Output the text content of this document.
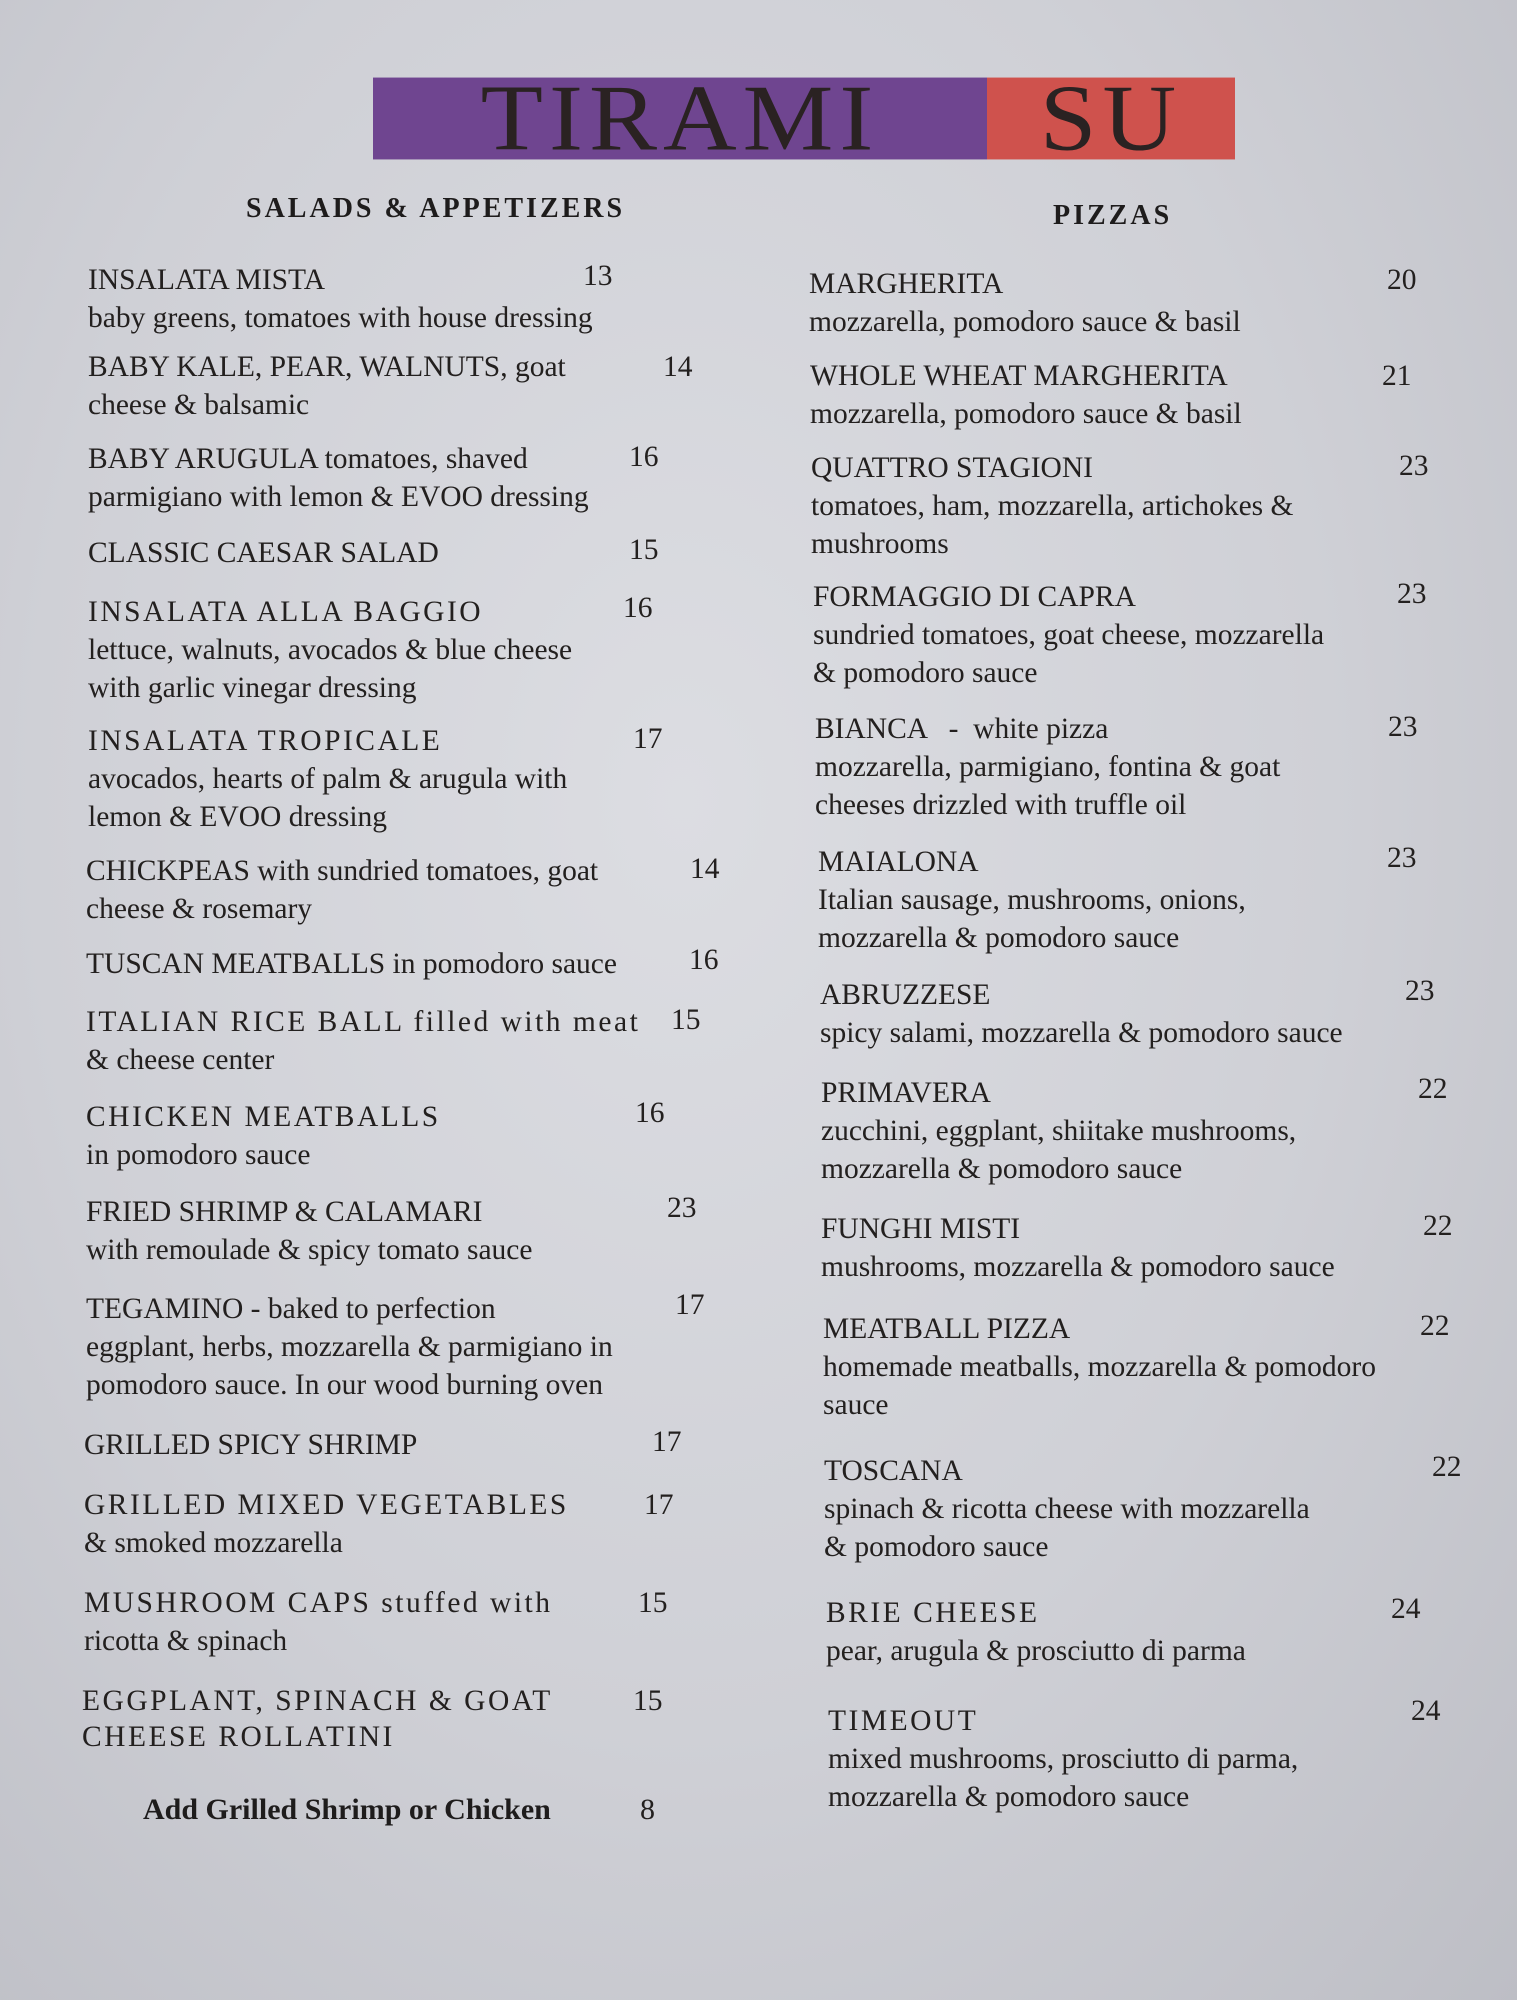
TIRAMI SU
SALADS & APPETIZERS	PIZZAS
INSALATA MISTA
baby greens, tomatoes with house dressing
13
BABY KALE, PEAR, WALNUTS, goat
cheese & balsamic
14
BABY ARUGULA tomatoes, shaved
parmigiano with lemon & EVOO dressing
16
CLASSIC CAESAR SALAD	15
INSALATA ALLA BAGGIO
lettuce, walnuts, avocados & blue cheese
with garlic vinegar dressing
16
INSALATA TROPICALE
avocados, hearts of palm & arugula with
lemon & EVOO dressing
17
CHICKPEAS with sundried tomatoes, goat
cheese & rosemary
14
TUSCAN MEATBALLS in pomodoro sauce 16
ITALIAN RICE BALL filled with meat
& cheese center
15
CHICKEN MEATBALLS
in pomodoro sauce
16
FRIED SHRIMP & CALAMARI
with remoulade & spicy tomato sauce
23
TEGAMINO - baked to perfection
eggplant, herbs, mozzarella & parmigiano in
pomodoro sauce. In our wood burning oven
17
GRILLED SPICY SHRIMP	17
GRILLED MIXED VEGETABLES
& smoked mozzarella
17
MUSHROOM CAPS stuffed with
ricotta & spinach
15
EGGPLANT, SPINACH & GOAT
CHEESE ROLLATINI
15
Add Grilled Shrimp or Chicken	8
MARGHERITA
mozzarella, pomodoro sauce & basil
20
WHOLE WHEAT MARGHERITA
mozzarella, pomodoro sauce & basil
21
QUATTRO STAGIONI
tomatoes, ham, mozzarella, artichokes &
mushrooms
23
FORMAGGIO DI CAPRA
sundried tomatoes, goat cheese, mozzarella
& pomodoro sauce
23
BIANCA   -  white pizza
mozzarella, parmigiano, fontina & goat
cheeses drizzled with truffle oil
23
MAIALONA
Italian sausage, mushrooms, onions,
mozzarella & pomodoro sauce
23
ABRUZZESE
spicy salami, mozzarella & pomodoro sauce
23
PRIMAVERA
zucchini, eggplant, shiitake mushrooms,
mozzarella & pomodoro sauce
22
FUNGHI MISTI
mushrooms, mozzarella & pomodoro sauce
22
MEATBALL PIZZA
homemade meatballs, mozzarella & pomodoro
sauce
22
TOSCANA
spinach & ricotta cheese with mozzarella
& pomodoro sauce
22
BRIE CHEESE
pear, arugula & prosciutto di parma
24
TIMEOUT
mixed mushrooms, prosciutto di parma,
mozzarella & pomodoro sauce
24
